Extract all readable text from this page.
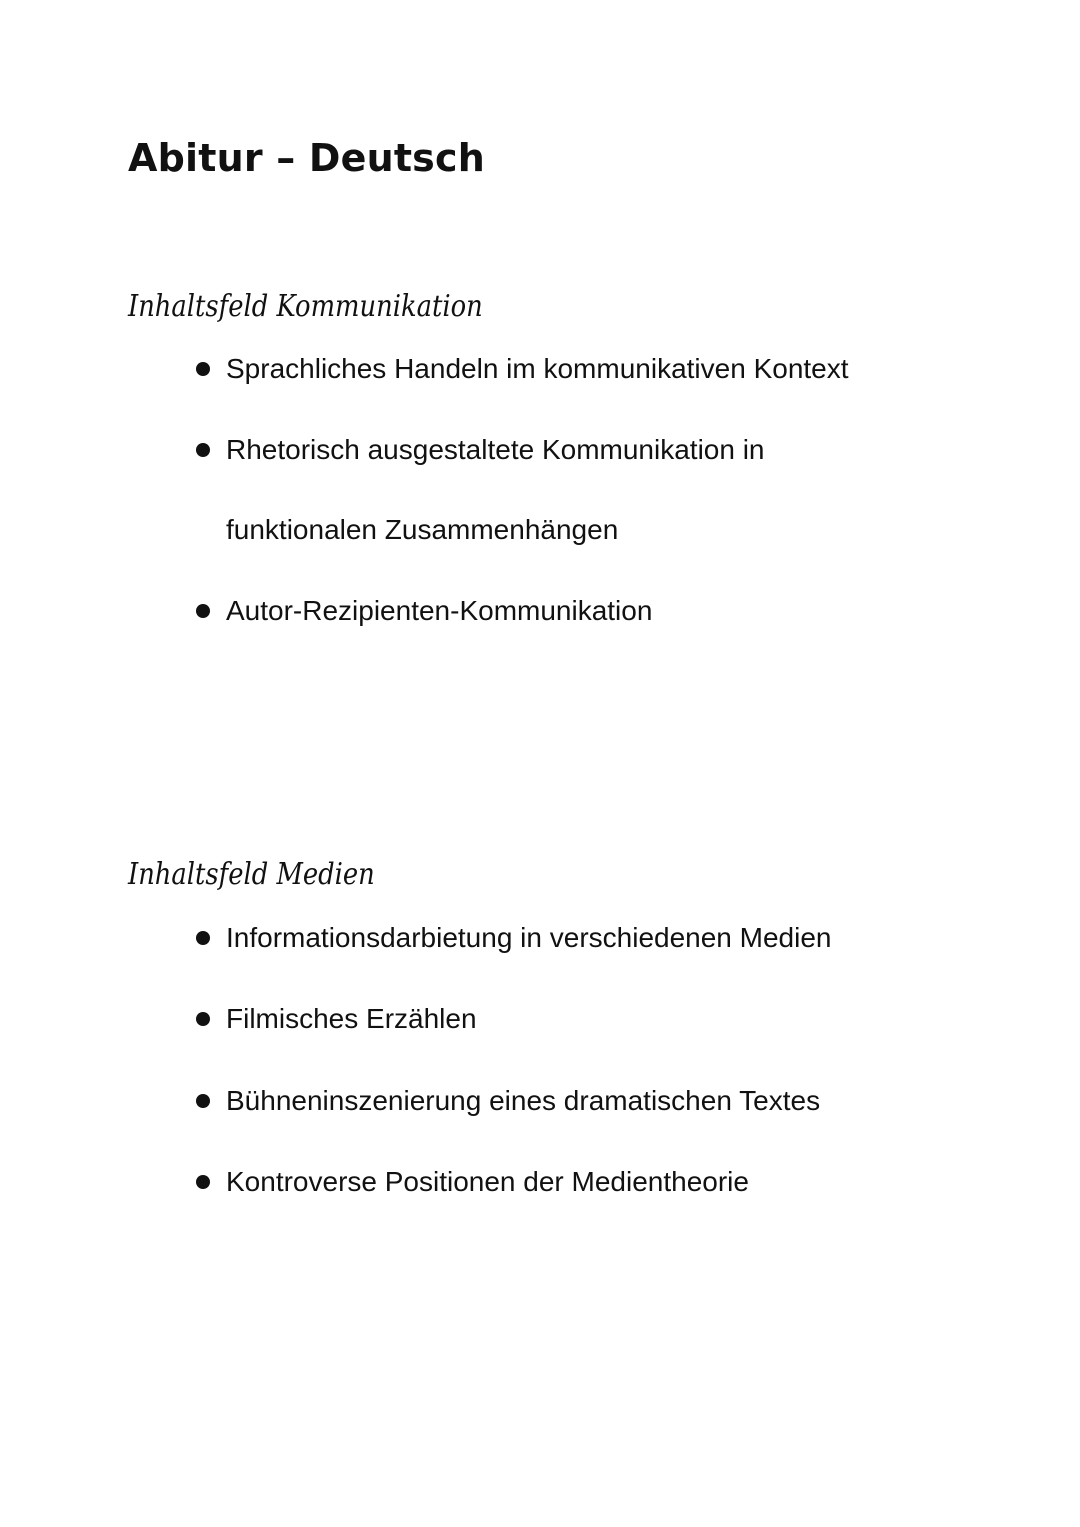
Abitur – Deutsch
Inhaltsfeld Kommunikation
Sprachliches Handeln im kommunikativen Kontext
Rhetorisch ausgestaltete Kommunikation in
funktionalen Zusammenhängen
Autor-Rezipienten-Kommunikation
Inhaltsfeld Medien
Informationsdarbietung in verschiedenen Medien
Filmisches Erzählen
Bühneninszenierung eines dramatischen Textes
Kontroverse Positionen der Medientheorie
